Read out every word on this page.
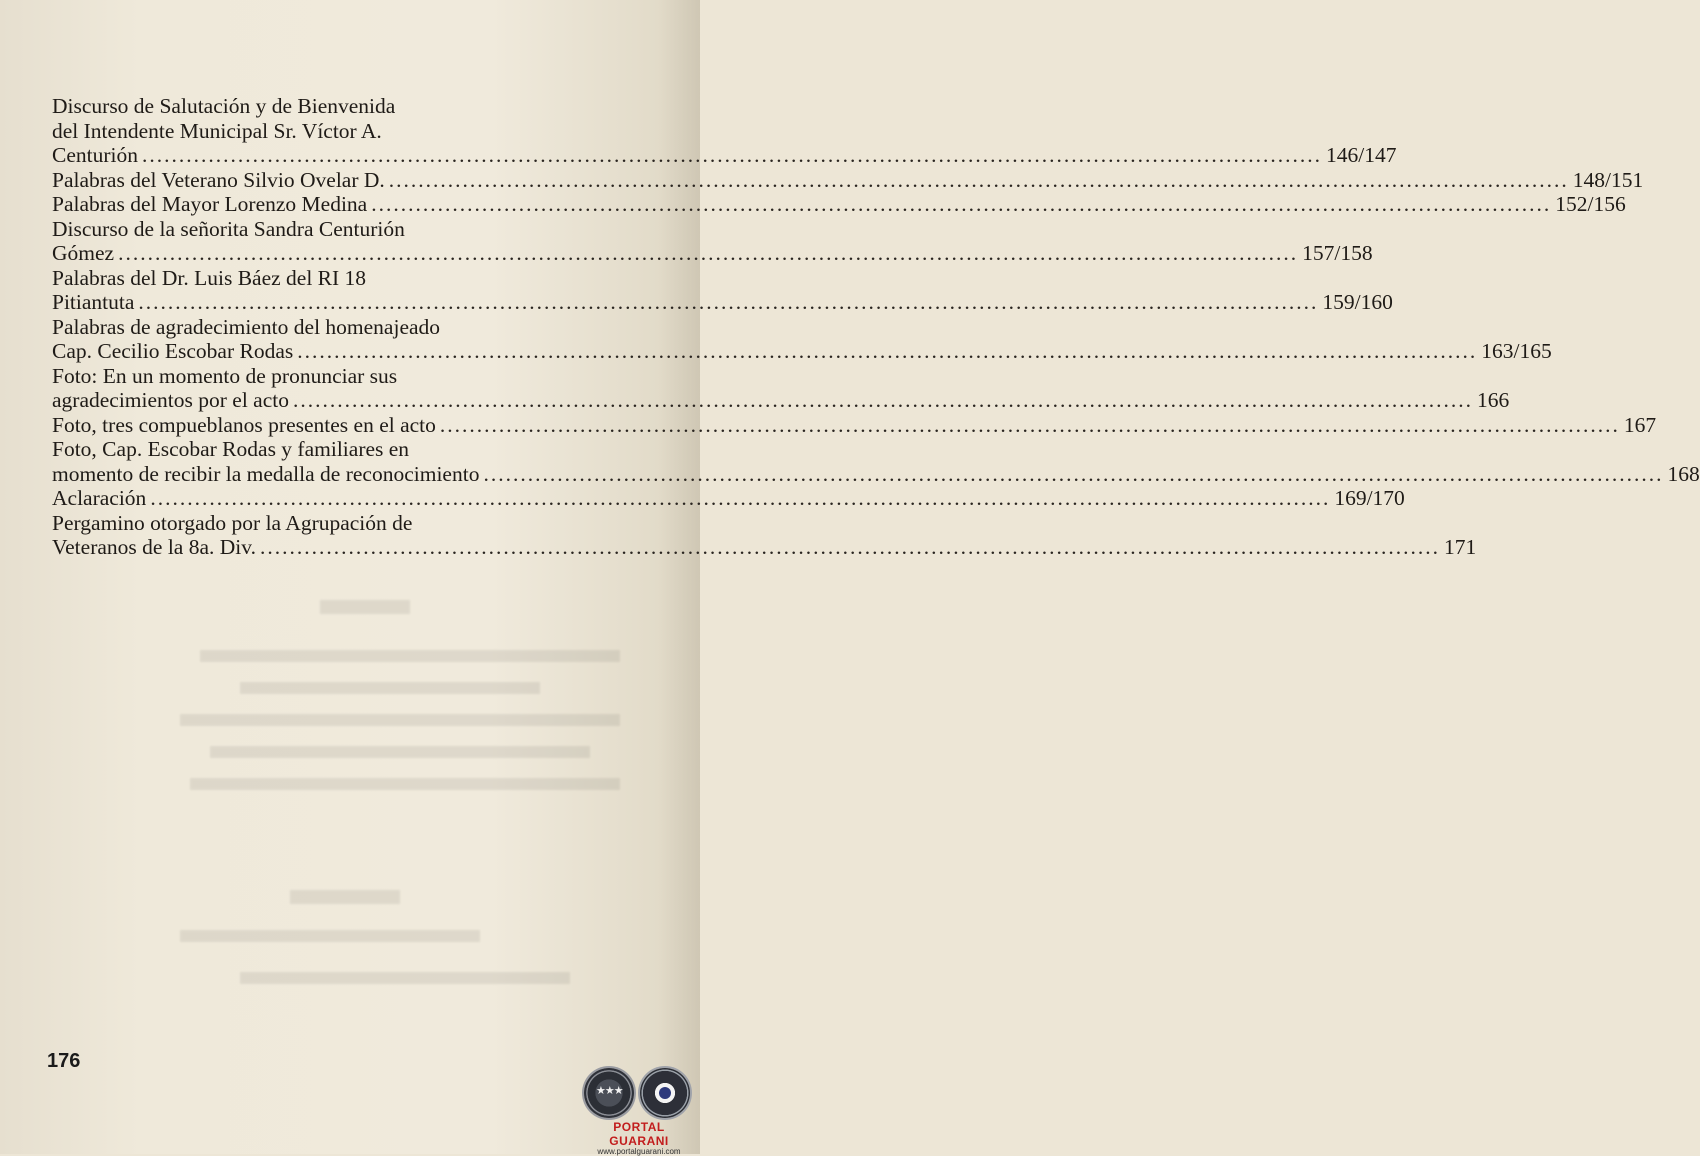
Discurso de Salutación y de Bienvenida
del Intendente Municipal Sr. Víctor A.
Centurión ................................................................................................................................................................ 146/147
Palabras del Veterano Silvio Ovelar D. ................................................................................................................................................................ 148/151
Palabras del Mayor Lorenzo Medina ................................................................................................................................................................ 152/156
Discurso de la señorita Sandra Centurión
Gómez ................................................................................................................................................................ 157/158
Palabras del Dr. Luis Báez del RI 18
Pitiantuta ................................................................................................................................................................ 159/160
Palabras de agradecimiento del homenajeado
Cap. Cecilio Escobar Rodas ................................................................................................................................................................ 163/165
Foto: En un momento de pronunciar sus
agradecimientos por el acto ................................................................................................................................................................ 166
Foto, tres compueblanos presentes en el acto ................................................................................................................................................................ 167
Foto, Cap. Escobar Rodas y familiares en
momento de recibir la medalla de reconocimiento ................................................................................................................................................................ 168
Aclaración ................................................................................................................................................................ 169/170
Pergamino otorgado por la Agrupación de
Veteranos de la 8a. Div. ................................................................................................................................................................ 171
176
★★★
PORTAL GUARANI
www.portalguarani.com
